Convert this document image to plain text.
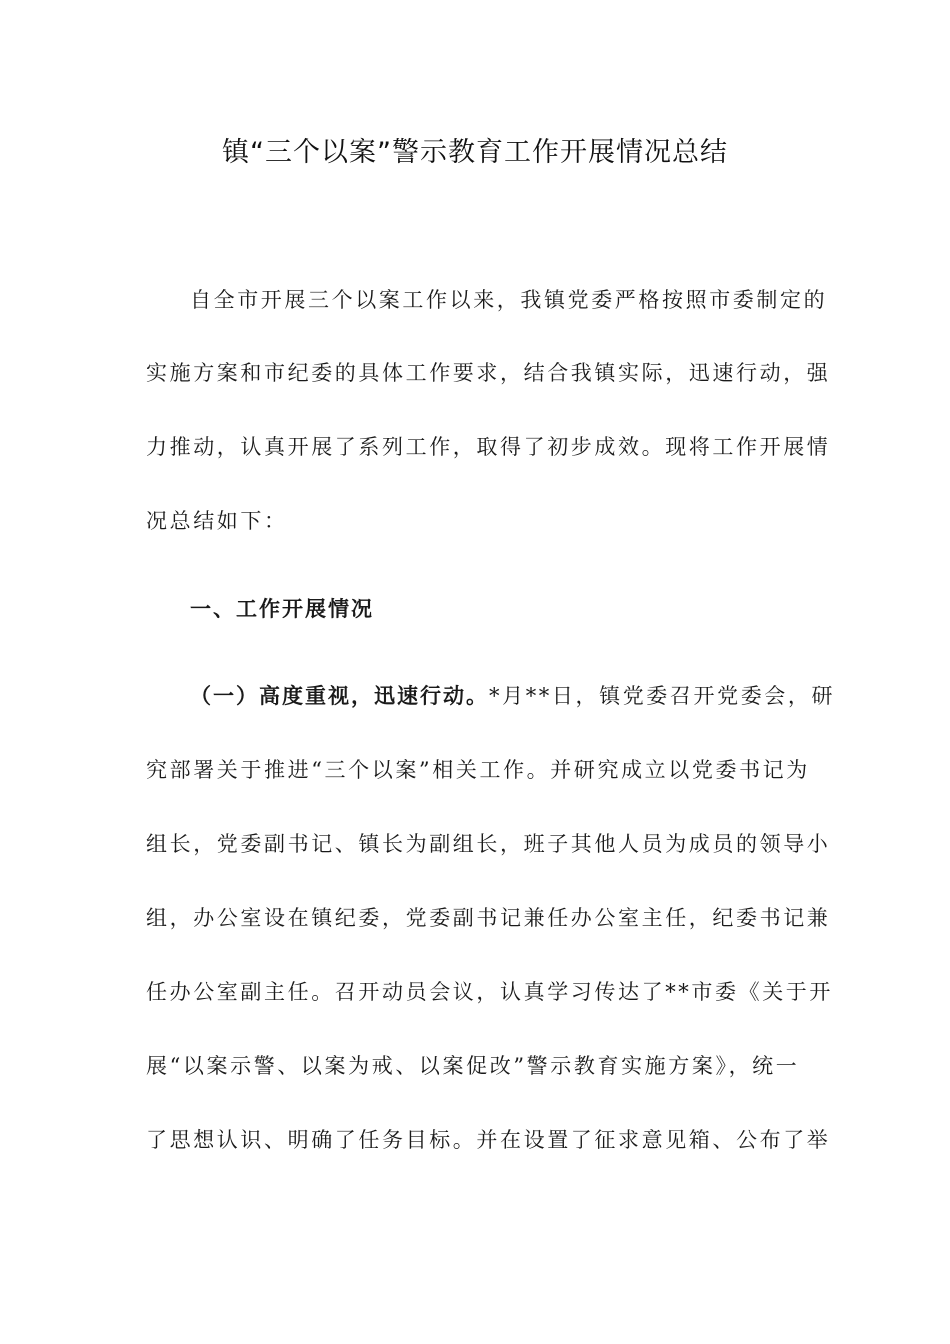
镇“三个以案”警示教育工作开展情况总结
自全市开展三个以案工作以来，我镇党委严格按照市委制定的
实施方案和市纪委的具体工作要求，结合我镇实际，迅速行动，强
力推动，认真开展了系列工作，取得了初步成效。现将工作开展情
况总结如下：
一、工作开展情况
（一）高度重视，迅速行动。*月**日，镇党委召开党委会，研
究部署关于推进“三个以案”相关工作。并研究成立以党委书记为
组长，党委副书记、镇长为副组长，班子其他人员为成员的领导小
组，办公室设在镇纪委，党委副书记兼任办公室主任，纪委书记兼
任办公室副主任。召开动员会议，认真学习传达了**市委《关于开
展“以案示警、以案为戒、以案促改”警示教育实施方案》，统一
了思想认识、明确了任务目标。并在设置了征求意见箱、公布了举
